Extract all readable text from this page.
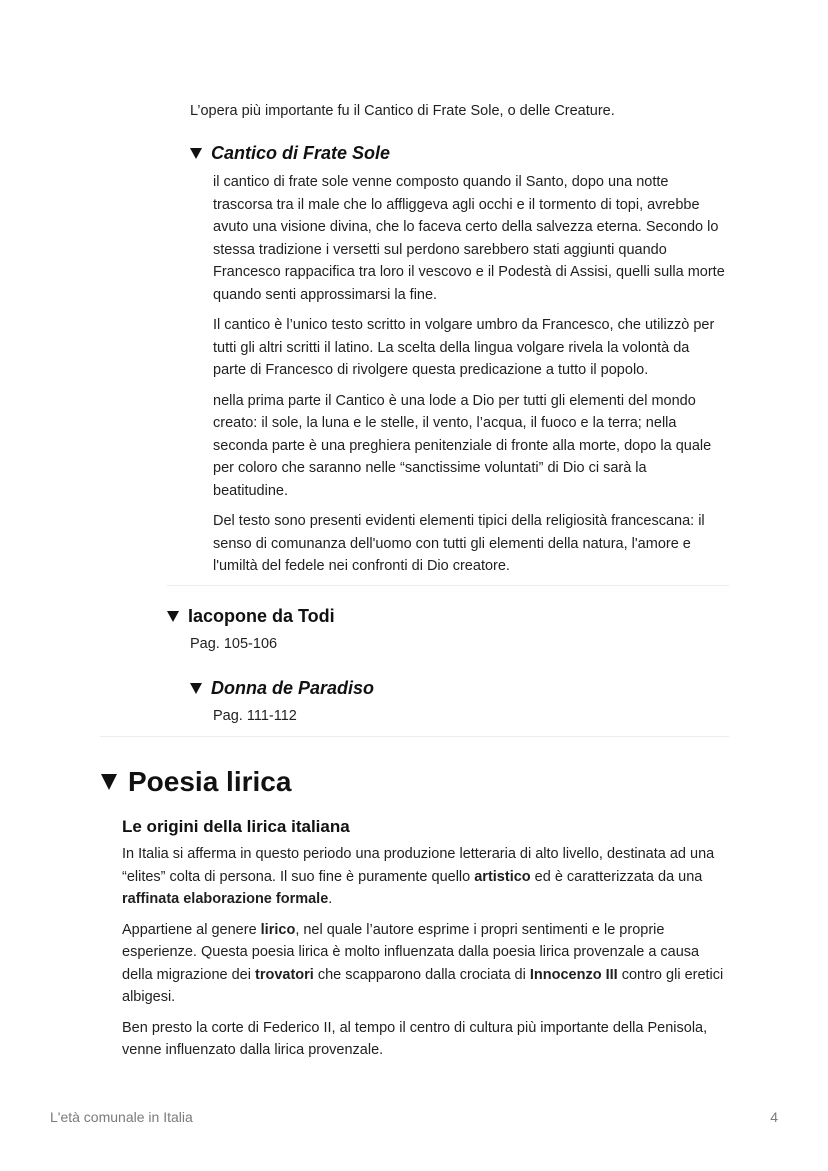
L’opera più importante fu il Cantico di Frate Sole, o delle Creature.

Cantico di Frate Sole

il cantico di frate sole venne composto quando il Santo, dopo una notte trascorsa tra il male che lo affliggeva agli occhi e il tormento di topi, avrebbe avuto una visione divina, che lo faceva certo della salvezza eterna. Secondo lo stessa tradizione i versetti sul perdono sarebbero stati aggiunti quando Francesco rappacifica tra loro il vescovo e il Podestà di Assisi, quelli sulla morte quando senti approssimarsi la fine.

Il cantico è l’unico testo scritto in volgare umbro da Francesco, che utilizzò per tutti gli altri scritti il latino. La scelta della lingua volgare rivela la volontà da parte di Francesco di rivolgere questa predicazione a tutto il popolo.

nella prima parte il Cantico è una lode a Dio per tutti gli elementi del mondo creato: il sole, la luna e le stelle, il vento, l’acqua, il fuoco e la terra; nella seconda parte è una preghiera penitenziale di fronte alla morte, dopo la quale per coloro che saranno nelle “sanctissime voluntati” di Dio ci sarà la beatitudine.

Del testo sono presenti evidenti elementi tipici della religiosità francescana: il senso di comunanza dell'uomo con tutti gli elementi della natura, l'amore e l'umiltà del fedele nei confronti di Dio creatore.

Iacopone da Todi

Pag. 105-106

Donna de Paradiso

Pag. 111-112

Poesia lirica
Le origini della lirica italiana

In Italia si afferma in questo periodo una produzione letteraria di alto livello, destinata ad una “elites” colta di persona. Il suo fine è puramente quello artistico ed è caratterizzata da una raffinata elaborazione formale.

Appartiene al genere lirico, nel quale l’autore esprime i propri sentimenti e le proprie esperienze. Questa poesia lirica è molto influenzata dalla poesia lirica provenzale a causa della migrazione dei trovatori che scapparono dalla crociata di Innocenzo III contro gli eretici albigesi.

Ben presto la corte di Federico II, al tempo il centro di cultura più importante della Penisola, venne influenzato dalla lirica provenzale.

L'età comunale in Italia	4
